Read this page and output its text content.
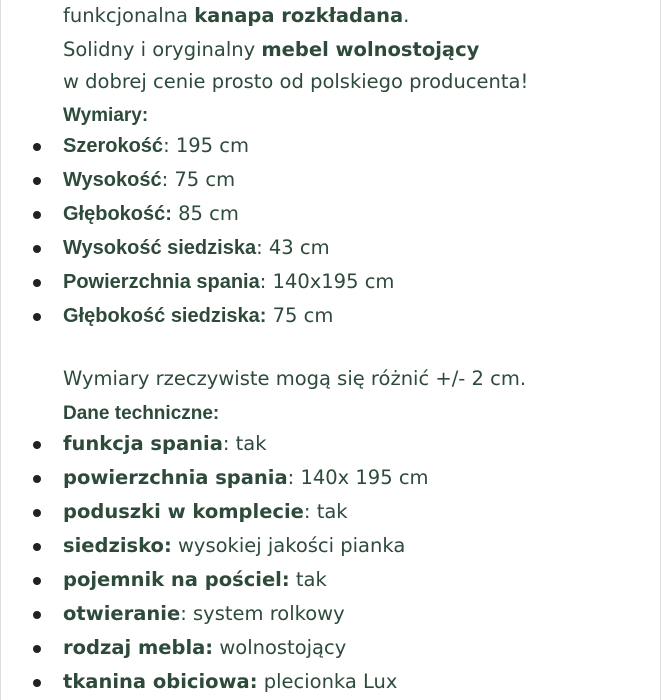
funkcjonalna kanapa rozkładana.
Solidny i oryginalny mebel wolnostojący
w dobrej cenie prosto od polskiego producenta!
Wymiary:
Szerokość: 195 cm
Wysokość: 75 cm
Głębokość: 85 cm
Wysokość siedziska: 43 cm
Powierzchnia spania: 140x195 cm
Głębokość siedziska: 75 cm
Wymiary rzeczywiste mogą się różnić +/- 2 cm.
Dane techniczne:
funkcja spania: tak
powierzchnia spania: 140x 195 cm
poduszki w komplecie: tak
siedzisko: wysokiej jakości pianka
pojemnik na pościel: tak
otwieranie: system rolkowy
rodzaj mebla: wolnostojący
tkanina obiciowa: plecionka Lux
